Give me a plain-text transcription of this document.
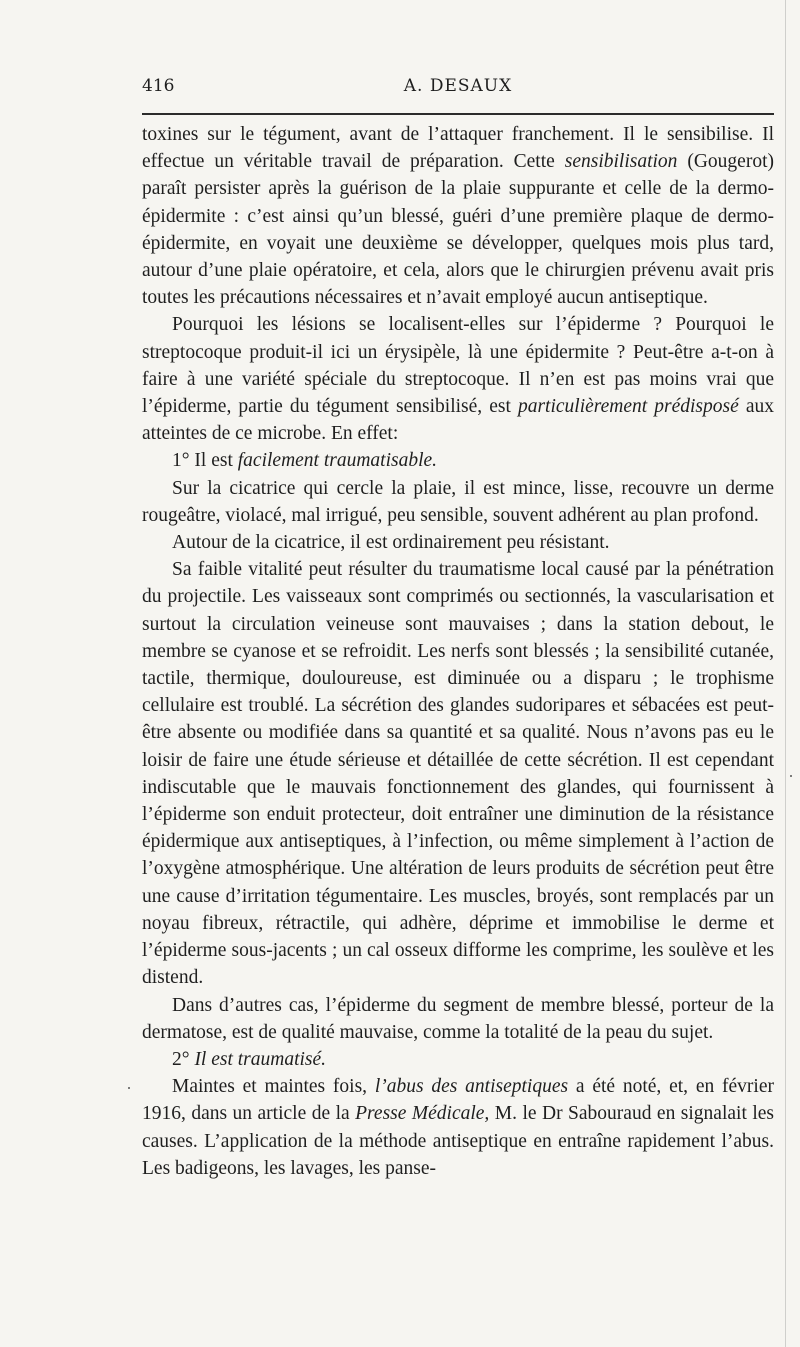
416	A. DESAUX

toxines sur le tégument, avant de l’attaquer franchement. Il le sensibilise. Il effectue un véritable travail de préparation. Cette sensibilisation (Gougerot) paraît persister après la guérison de la plaie suppurante et celle de la dermo-épidermite : c’est ainsi qu’un blessé, guéri d’une première plaque de dermo-épidermite, en voyait une deuxième se développer, quelques mois plus tard, autour d’une plaie opératoire, et cela, alors que le chirurgien prévenu avait pris toutes les précautions nécessaires et n’avait employé aucun antiseptique.

Pourquoi les lésions se localisent-elles sur l’épiderme ? Pourquoi le streptocoque produit-il ici un érysipèle, là une épidermite ? Peut-être a-t-on à faire à une variété spéciale du streptocoque. Il n’en est pas moins vrai que l’épiderme, partie du tégument sensibilisé, est particulièrement prédisposé aux atteintes de ce microbe. En effet:

1° Il est facilement traumatisable.

Sur la cicatrice qui cercle la plaie, il est mince, lisse, recouvre un derme rougeâtre, violacé, mal irrigué, peu sensible, souvent adhérent au plan profond.

Autour de la cicatrice, il est ordinairement peu résistant.

Sa faible vitalité peut résulter du traumatisme local causé par la pénétration du projectile. Les vaisseaux sont comprimés ou sectionnés, la vascularisation et surtout la circulation veineuse sont mauvaises ; dans la station debout, le membre se cyanose et se refroidit. Les nerfs sont blessés ; la sensibilité cutanée, tactile, thermique, douloureuse, est diminuée ou a disparu ; le trophisme cellulaire est troublé. La sécrétion des glandes sudoripares et sébacées est peut-être absente ou modifiée dans sa quantité et sa qualité. Nous n’avons pas eu le loisir de faire une étude sérieuse et détaillée de cette sécrétion. Il est cependant indiscutable que le mauvais fonctionnement des glandes, qui fournissent à l’épiderme son enduit protecteur, doit entraîner une diminution de la résistance épidermique aux antiseptiques, à l’infection, ou même simplement à l’action de l’oxygène atmosphérique. Une altération de leurs produits de sécrétion peut être une cause d’irritation tégumentaire. Les muscles, broyés, sont remplacés par un noyau fibreux, rétractile, qui adhère, déprime et immobilise le derme et l’épiderme sous-jacents ; un cal osseux difforme les comprime, les soulève et les distend.

Dans d’autres cas, l’épiderme du segment de membre blessé, porteur de la dermatose, est de qualité mauvaise, comme la totalité de la peau du sujet.

2° Il est traumatisé.

Maintes et maintes fois, l’abus des antiseptiques a été noté, et, en février 1916, dans un article de la Presse Médicale, M. le Dr Sabouraud en signalait les causes. L’application de la méthode antiseptique en entraîne rapidement l’abus. Les badigeons, les lavages, les panse-
